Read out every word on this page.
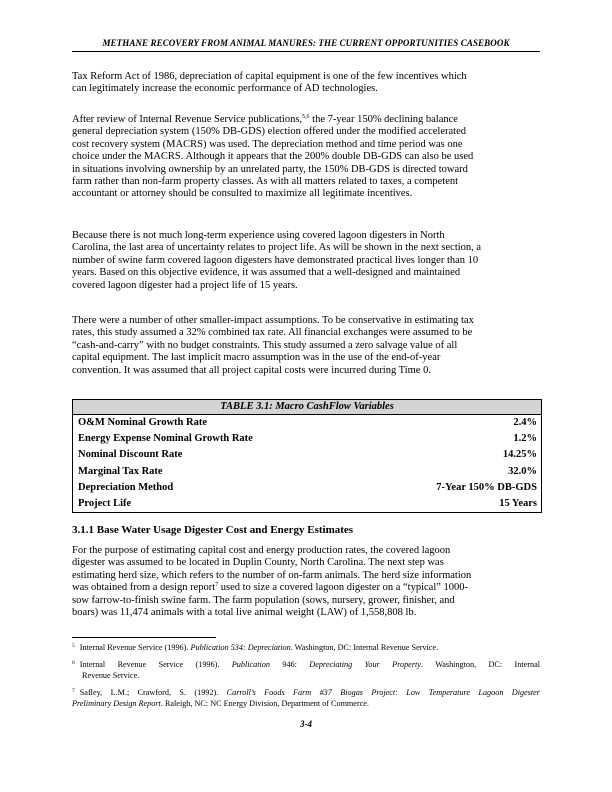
METHANE RECOVERY FROM ANIMAL MANURES: THE CURRENT OPPORTUNITIES CASEBOOK
Tax Reform Act of 1986, depreciation of capital equipment is one of the few incentives which
can legitimately increase the economic performance of AD technologies.
After review of Internal Revenue Service publications,$^{5,6}$ the 7-year 150% declining balance
general depreciation system (150% DB-GDS) election offered under the modified accelerated
cost recovery system (MACRS) was used. The depreciation method and time period was one
choice under the MACRS. Although it appears that the 200% double DB-GDS can also be used
in situations involving ownership by an unrelated party, the 150% DB-GDS is directed toward
farm rather than non-farm property classes. As with all matters related to taxes, a competent
accountant or attorney should be consulted to maximize all legitimate incentives.
Because there is not much long-term experience using covered lagoon digesters in North
Carolina, the last area of uncertainty relates to project life. As will be shown in the next section, a
number of swine farm covered lagoon digesters have demonstrated practical lives longer than 10
years. Based on this objective evidence, it was assumed that a well-designed and maintained
covered lagoon digester had a project life of 15 years.
There were a number of other smaller-impact assumptions. To be conservative in estimating tax
rates, this study assumed a 32% combined tax rate. All financial exchanges were assumed to be
“cash-and-carry” with no budget constraints. This study assumed a zero salvage value of all
capital equipment. The last implicit macro assumption was in the use of the end-of-year
convention. It was assumed that all project capital costs were incurred during Time 0.
TABLE 3.1: Macro CashFlow Variables
O&M Nominal Growth Rate	2.4%
Energy Expense Nominal Growth Rate	1.2%
Nominal Discount Rate	14.25%
Marginal Tax Rate	32.0%
Depreciation Method	7-Year 150% DB-GDS
Project Life	15 Years
3.1.1 Base Water Usage Digester Cost and Energy Estimates
For the purpose of estimating capital cost and energy production rates, the covered lagoon
digester was assumed to be located in Duplin County, North Carolina. The next step was
estimating herd size, which refers to the number of on-farm animals. The herd size information
was obtained from a design report$^7$ used to size a covered lagoon digester on a “typical” 1000-
sow farrow-to-finish swine farm. The farm population (sows, nursery, grower, finisher, and
boars) was 11,474 animals with a total live animal weight (LAW) of 1,558,808 lb.
$^5$ Internal Revenue Service (1996). Publication 534: Depreciation. Washington, DC: Internal Revenue Service.
$^6$ Internal Revenue Service (1996). Publication 946: Depreciating Your Property. Washington, DC: Internal
Revenue Service.
$^7$ Safley, L.M.; Crawford, S. (1992). Carroll’s Foods Farm #37 Biogas Project: Low Temperature Lagoon Digester
Preliminary Design Report. Raleigh, NC: NC Energy Division, Department of Commerce.
3-4
